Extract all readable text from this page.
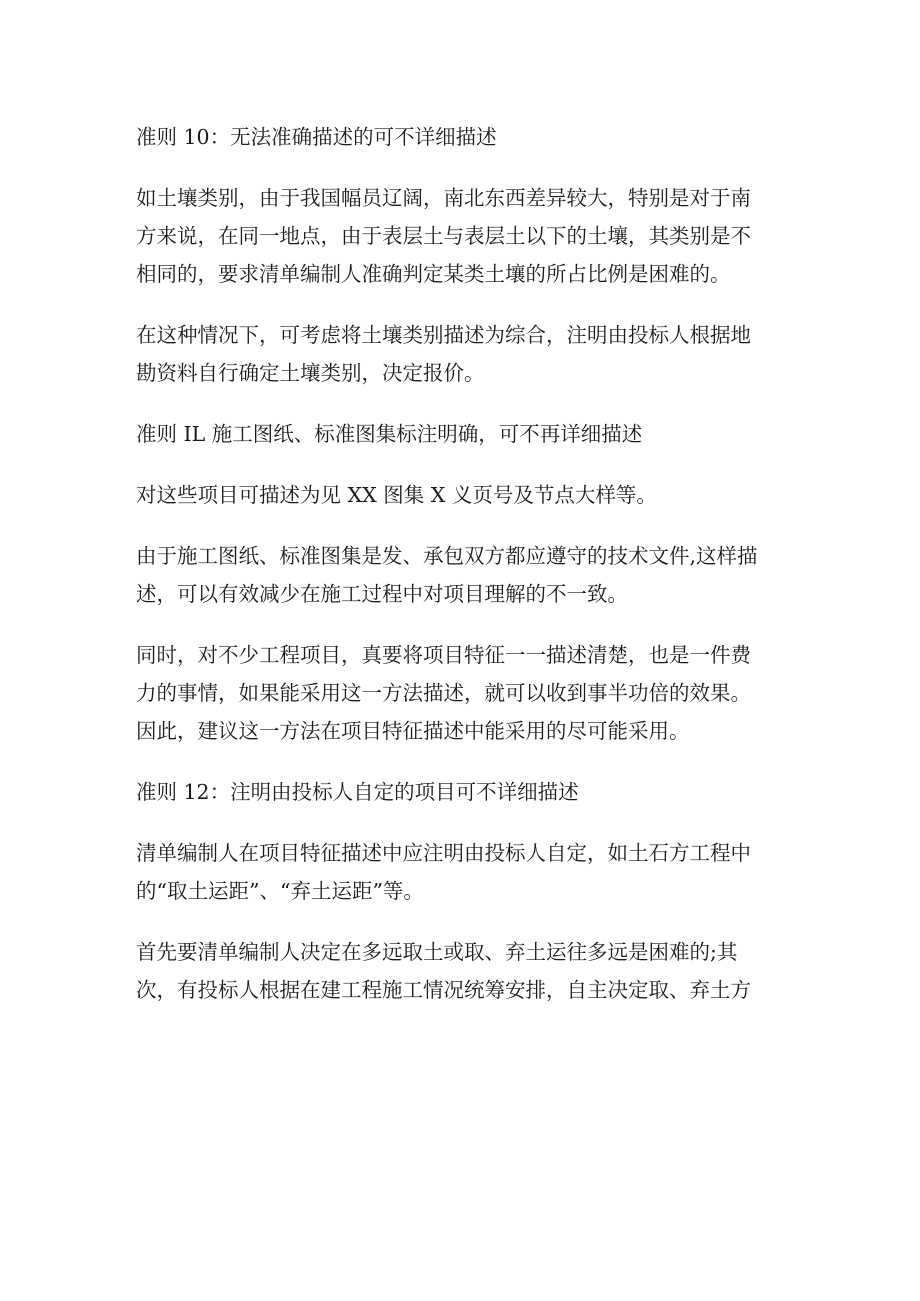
准则 10：无法准确描述的可不详细描述

如土壤类别，由于我国幅员辽阔，南北东西差异较大，特别是对于南
方来说，在同一地点，由于表层土与表层土以下的土壤，其类别是不
相同的，要求清单编制人准确判定某类土壤的所占比例是困难的。

在这种情况下，可考虑将土壤类别描述为综合，注明由投标人根据地
勘资料自行确定土壤类别，决定报价。

准则 IL 施工图纸、标准图集标注明确，可不再详细描述

对这些项目可描述为见 XX 图集 X 义页号及节点大样等。

由于施工图纸、标准图集是发、承包双方都应遵守的技术文件,这样描
述，可以有效减少在施工过程中对项目理解的不一致。

同时，对不少工程项目，真要将项目特征一一描述清楚，也是一件费
力的事情，如果能采用这一方法描述，就可以收到事半功倍的效果。
因此，建议这一方法在项目特征描述中能采用的尽可能采用。

准则 12：注明由投标人自定的项目可不详细描述

清单编制人在项目特征描述中应注明由投标人自定，如土石方工程中
的“取土运距”、“弃土运距”等。

首先要清单编制人决定在多远取土或取、弃土运往多远是困难的;其
次，有投标人根据在建工程施工情况统筹安排，自主决定取、弃土方
